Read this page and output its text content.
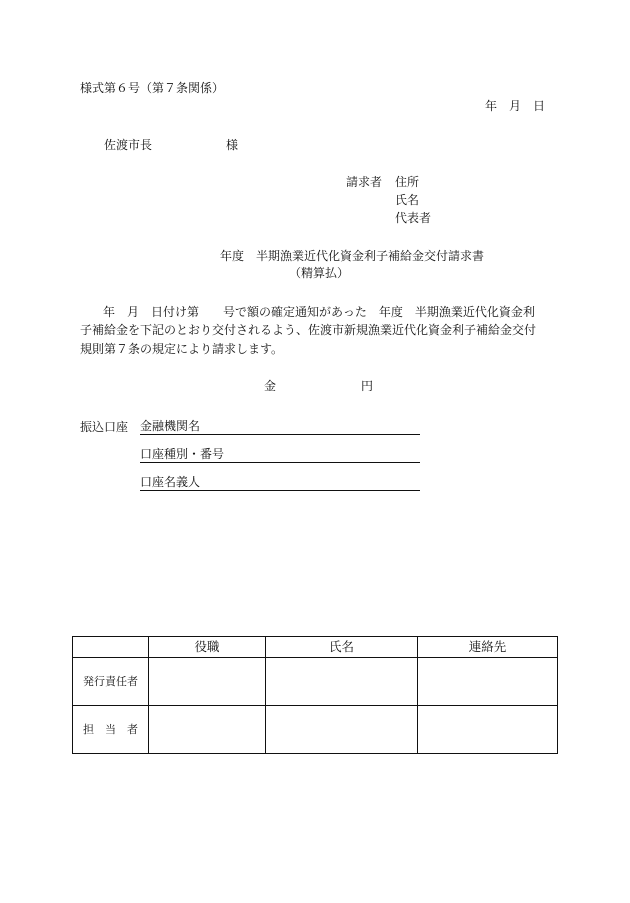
様式第６号（第７条関係）
年　月　日
佐渡市長	様
請求者 住所
氏名
代表者
年度　半期漁業近代化資金利子補給金交付請求書
（精算払）
年　月　日付け第　　号で額の確定通知があった　年度　半期漁業近代化資金利
子補給金を下記のとおり交付されるよう、佐渡市新規漁業近代化資金利子補給金交付
規則第７条の規定により請求します。
金	円
振込口座 金融機関名
口座種別・番号
口座名義人
	役職	氏名	連絡先
発行責任者			
担　当　者			
